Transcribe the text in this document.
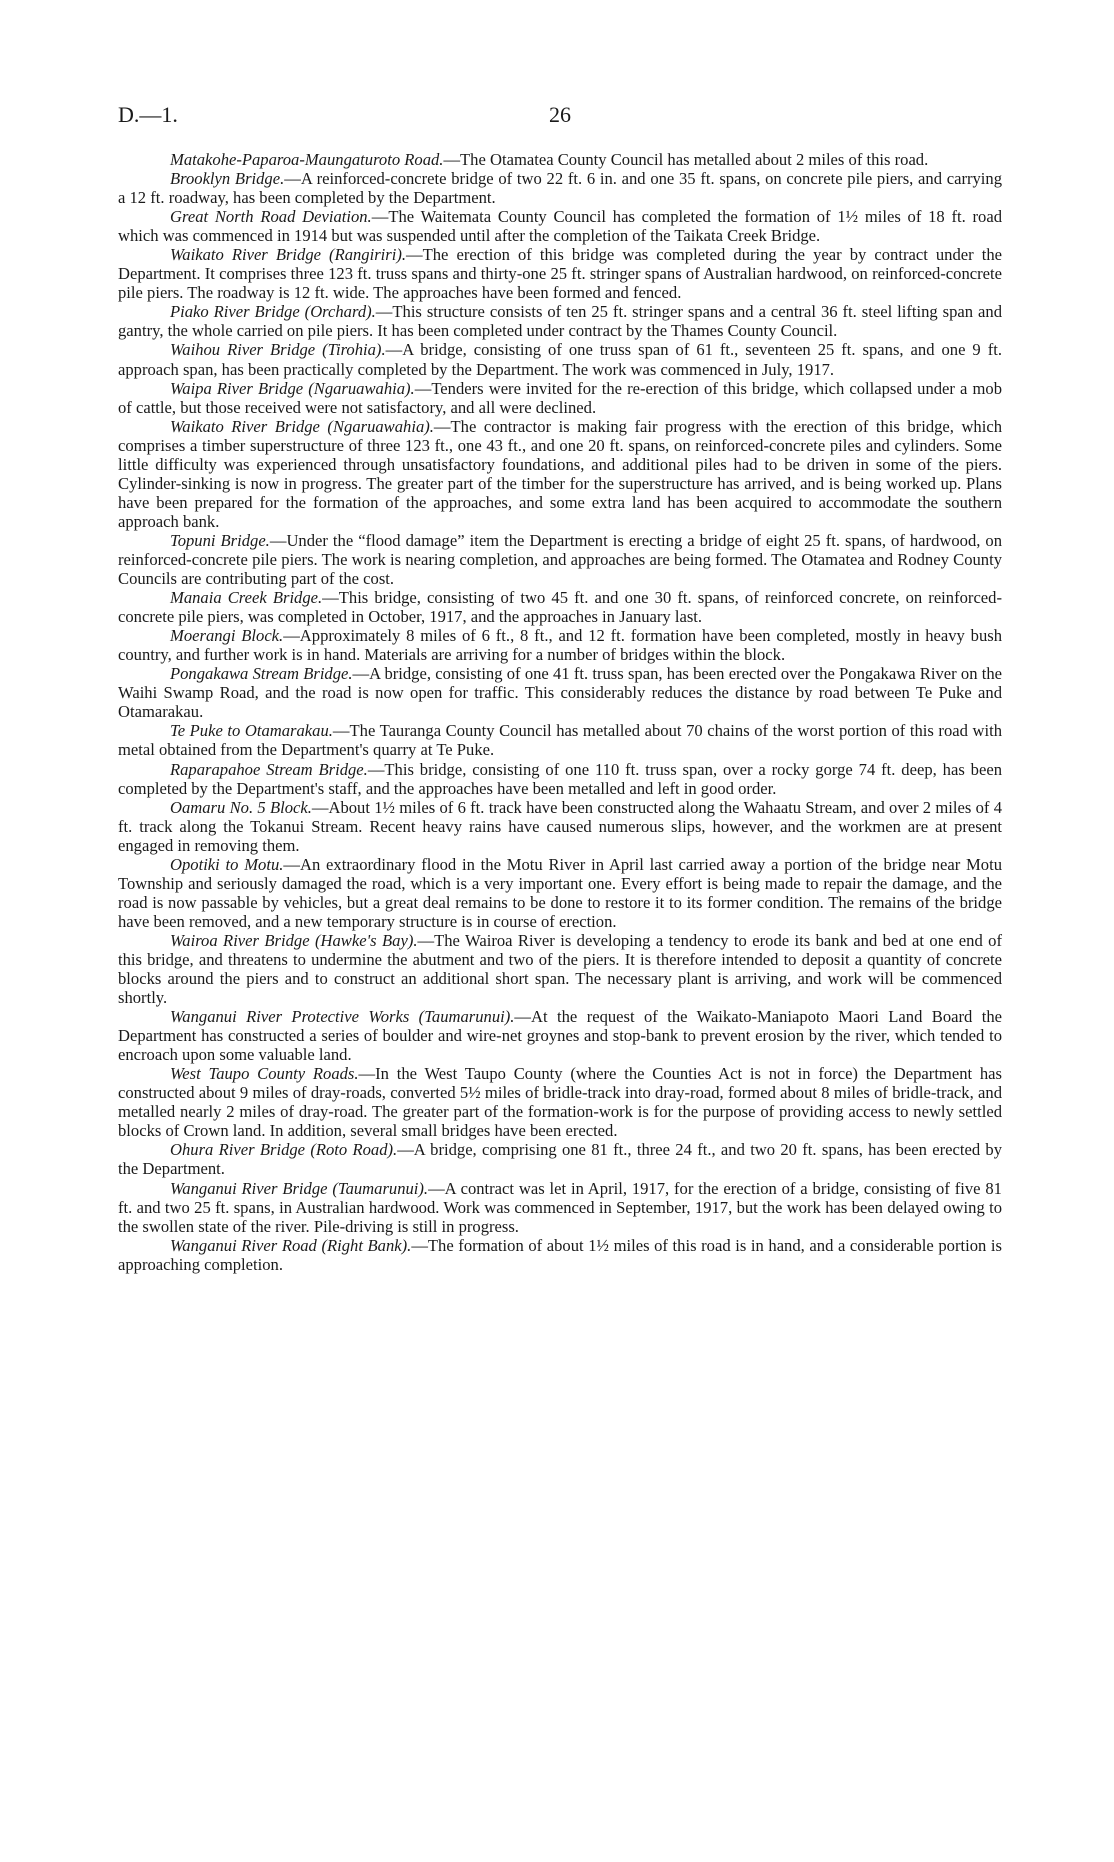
D.—1.	26

Matakohe-Paparoa-Maungaturoto Road.—The Otamatea County Council has metalled about 2 miles of this road.

Brooklyn Bridge.—A reinforced-concrete bridge of two 22 ft. 6 in. and one 35 ft. spans, on concrete pile piers, and carrying a 12 ft. roadway, has been completed by the Department.

Great North Road Deviation.—The Waitemata County Council has completed the formation of 1½ miles of 18 ft. road which was commenced in 1914 but was suspended until after the completion of the Taikata Creek Bridge.

Waikato River Bridge (Rangiriri).—The erection of this bridge was completed during the year by contract under the Department. It comprises three 123 ft. truss spans and thirty-one 25 ft. stringer spans of Australian hardwood, on reinforced-concrete pile piers. The roadway is 12 ft. wide. The approaches have been formed and fenced.

Piako River Bridge (Orchard).—This structure consists of ten 25 ft. stringer spans and a central 36 ft. steel lifting span and gantry, the whole carried on pile piers. It has been completed under contract by the Thames County Council.

Waihou River Bridge (Tirohia).—A bridge, consisting of one truss span of 61 ft., seventeen 25 ft. spans, and one 9 ft. approach span, has been practically completed by the Department. The work was commenced in July, 1917.

Waipa River Bridge (Ngaruawahia).—Tenders were invited for the re-erection of this bridge, which collapsed under a mob of cattle, but those received were not satisfactory, and all were declined.

Waikato River Bridge (Ngaruawahia).—The contractor is making fair progress with the erection of this bridge, which comprises a timber superstructure of three 123 ft., one 43 ft., and one 20 ft. spans, on reinforced-concrete piles and cylinders. Some little difficulty was experienced through unsatisfactory foundations, and additional piles had to be driven in some of the piers. Cylinder-sinking is now in progress. The greater part of the timber for the superstructure has arrived, and is being worked up. Plans have been prepared for the formation of the approaches, and some extra land has been acquired to accommodate the southern approach bank.

Topuni Bridge.—Under the “flood damage” item the Department is erecting a bridge of eight 25 ft. spans, of hardwood, on reinforced-concrete pile piers. The work is nearing completion, and approaches are being formed. The Otamatea and Rodney County Councils are contributing part of the cost.

Manaia Creek Bridge.—This bridge, consisting of two 45 ft. and one 30 ft. spans, of reinforced concrete, on reinforced-concrete pile piers, was completed in October, 1917, and the approaches in January last.

Moerangi Block.—Approximately 8 miles of 6 ft., 8 ft., and 12 ft. formation have been completed, mostly in heavy bush country, and further work is in hand. Materials are arriving for a number of bridges within the block.

Pongakawa Stream Bridge.—A bridge, consisting of one 41 ft. truss span, has been erected over the Pongakawa River on the Waihi Swamp Road, and the road is now open for traffic. This considerably reduces the distance by road between Te Puke and Otamarakau.

Te Puke to Otamarakau.—The Tauranga County Council has metalled about 70 chains of the worst portion of this road with metal obtained from the Department's quarry at Te Puke.

Raparapahoe Stream Bridge.—This bridge, consisting of one 110 ft. truss span, over a rocky gorge 74 ft. deep, has been completed by the Department's staff, and the approaches have been metalled and left in good order.

Oamaru No. 5 Block.—About 1½ miles of 6 ft. track have been constructed along the Wahaatu Stream, and over 2 miles of 4 ft. track along the Tokanui Stream. Recent heavy rains have caused numerous slips, however, and the workmen are at present engaged in removing them.

Opotiki to Motu.—An extraordinary flood in the Motu River in April last carried away a portion of the bridge near Motu Township and seriously damaged the road, which is a very important one. Every effort is being made to repair the damage, and the road is now passable by vehicles, but a great deal remains to be done to restore it to its former condition. The remains of the bridge have been removed, and a new temporary structure is in course of erection.

Wairoa River Bridge (Hawke's Bay).—The Wairoa River is developing a tendency to erode its bank and bed at one end of this bridge, and threatens to undermine the abutment and two of the piers. It is therefore intended to deposit a quantity of concrete blocks around the piers and to construct an additional short span. The necessary plant is arriving, and work will be commenced shortly.

Wanganui River Protective Works (Taumarunui).—At the request of the Waikato-Maniapoto Maori Land Board the Department has constructed a series of boulder and wire-net groynes and stop-bank to prevent erosion by the river, which tended to encroach upon some valuable land.

West Taupo County Roads.—In the West Taupo County (where the Counties Act is not in force) the Department has constructed about 9 miles of dray-roads, converted 5½ miles of bridle-track into dray-road, formed about 8 miles of bridle-track, and metalled nearly 2 miles of dray-road. The greater part of the formation-work is for the purpose of providing access to newly settled blocks of Crown land. In addition, several small bridges have been erected.

Ohura River Bridge (Roto Road).—A bridge, comprising one 81 ft., three 24 ft., and two 20 ft. spans, has been erected by the Department.

Wanganui River Bridge (Taumarunui).—A contract was let in April, 1917, for the erection of a bridge, consisting of five 81 ft. and two 25 ft. spans, in Australian hardwood. Work was commenced in September, 1917, but the work has been delayed owing to the swollen state of the river. Pile-driving is still in progress.

Wanganui River Road (Right Bank).—The formation of about 1½ miles of this road is in hand, and a considerable portion is approaching completion.
